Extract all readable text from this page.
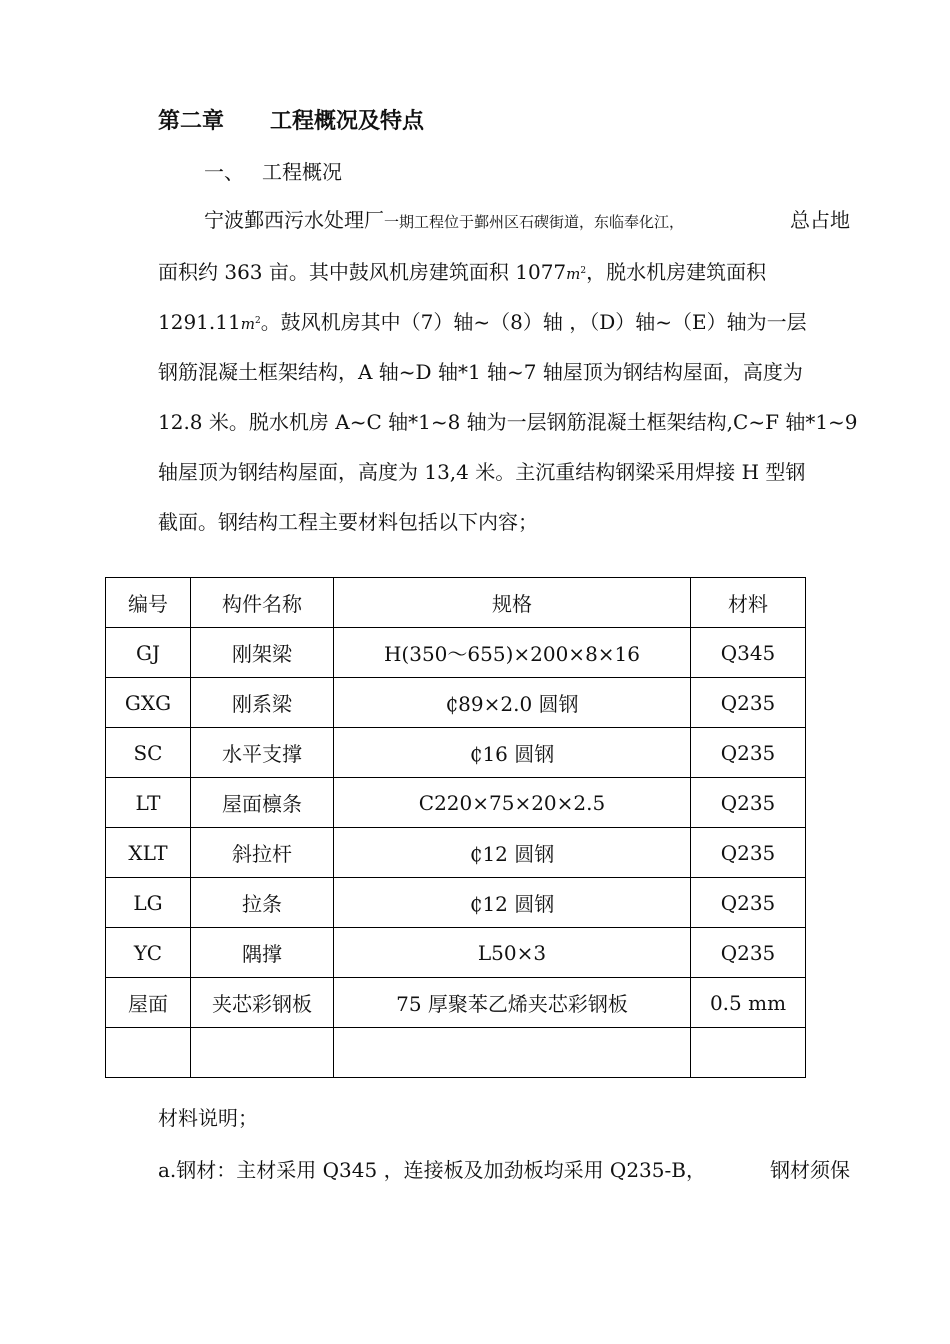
第二章 工程概况及特点
一、 工程概况
宁波鄞西污水处理厂一期工程位于鄞州区石碶街道，东临奉化江，	总占地
面积约 363 亩。其中鼓风机房建筑面积 $1077m^2$，脱水机房建筑面积
$1291.11m^2$。鼓风机房其中（7）轴~（8）轴 ，（D）轴~（E）轴为一层
钢筋混凝土框架结构，A 轴~D 轴*1 轴~7 轴屋顶为钢结构屋面，高度为
12.8 米。脱水机房 A~C 轴*1~8 轴为一层钢筋混凝土框架结构,C~F 轴*1~9
轴屋顶为钢结构屋面，高度为 13,4 米。主沉重结构钢梁采用焊接 H 型钢
截面。钢结构工程主要材料包括以下内容；
编号	构件名称	规格	材料
GJ	刚架梁	H(350～655)×200×8×16	Q345
GXG	刚系梁	₵89×2.0 圆钢	Q235
SC	水平支撑	₵16 圆钢	Q235
LT	屋面檩条	C220×75×20×2.5	Q235
XLT	斜拉杆	₵12 圆钢	Q235
LG	拉条	₵12 圆钢	Q235
YC	隅撑	L50×3	Q235
屋面	夹芯彩钢板	75 厚聚苯乙烯夹芯彩钢板	0.5 mm

材料说明；
a.钢材：主材采用 Q345 ，连接板及加劲板均采用 Q235-B，	钢材须保
